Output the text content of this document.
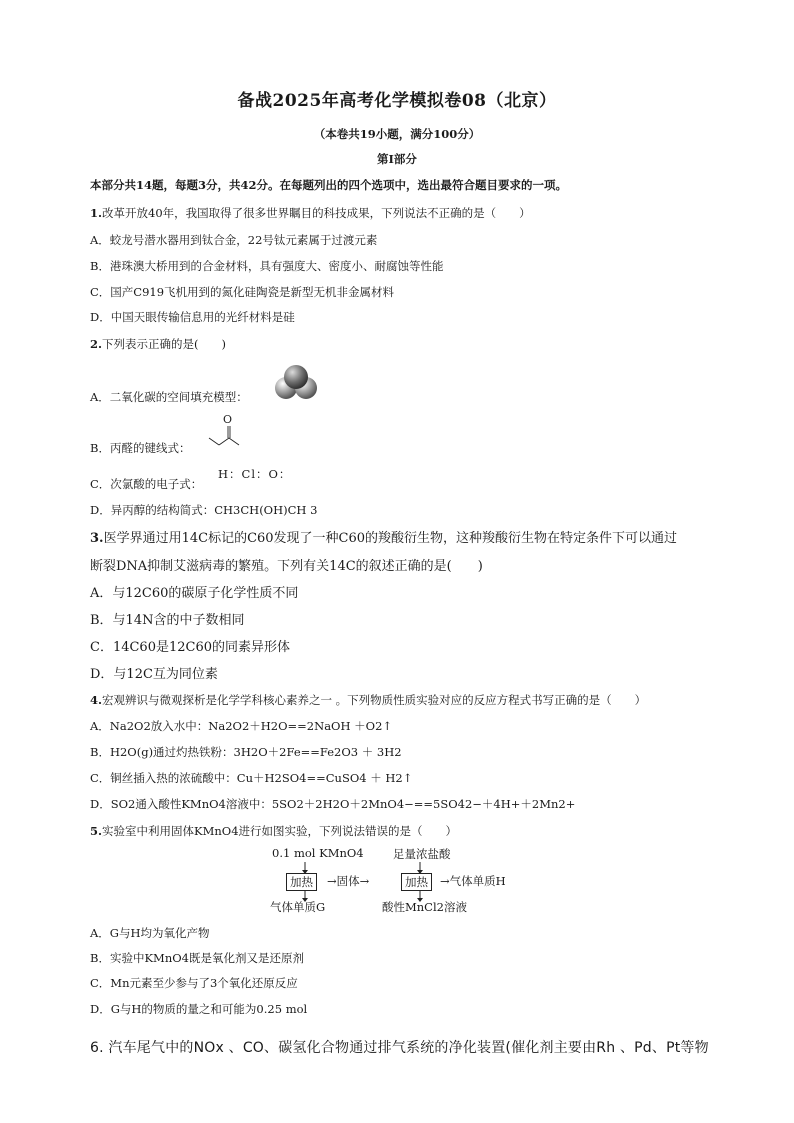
备战2025年高考化学模拟卷08（北京）
（本卷共19小题，满分100分）
第Ⅰ部分
本部分共14题，每题3分，共42分。在每题列出的四个选项中，选出最符合题目要求的一项。
1.改革开放40年，我国取得了很多世界瞩目的科技成果，下列说法不正确的是（　　）
A．蛟龙号潜水器用到钛合金，22号钛元素属于过渡元素
B．港珠澳大桥用到的合金材料，具有强度大、密度小、耐腐蚀等性能
C．国产C919飞机用到的氮化硅陶瓷是新型无机非金属材料
D．中国天眼传输信息用的光纤材料是硅
2.下列表示正确的是(　　)
A．二氧化碳的空间填充模型：
B．丙醛的键线式：
O
C．次氯酸的电子式：
H：Cl：O：
D．异丙醇的结构简式：CH3CH(OH)CH 3
3.医学界通过用14C标记的C60发现了一种C60的羧酸衍生物，这种羧酸衍生物在特定条件下可以通过
断裂DNA抑制艾滋病毒的繁殖。下列有关14C的叙述正确的是(　　)
A．与12C60的碳原子化学性质不同
B．与14N含的中子数相同
C．14C60是12C60的同素异形体
D．与12C互为同位素
4.宏观辨识与微观探析是化学学科核心素养之一 。下列物质性质实验对应的反应方程式书写正确的是（　　）
A．Na2O2放入水中：Na2O2＋H2O==2NaOH ＋O2↑
B．H2O(g)通过灼热铁粉：3H2O＋2Fe==Fe2O3 ＋ 3H2
C．铜丝插入热的浓硫酸中：Cu＋H2SO4==CuSO4 ＋ H2↑
D．SO2通入酸性KMnO4溶液中：5SO2＋2H2O＋2MnO4−==5SO42−＋4H+＋2Mn2+
5.实验室中利用固体KMnO4进行如图实验，下列说法错误的是（　　）
0.1 mol KMnO4	足量浓盐酸
加热	→固体→	加热	→气体单质H
气体单质G	酸性MnCl2溶液
A．G与H均为氧化产物
B．实验中KMnO4既是氧化剂又是还原剂
C．Mn元素至少参与了3个氧化还原反应
D．G与H的物质的量之和可能为0.25 mol
6. 汽车尾气中的NOx 、CO、碳氢化合物通过排气系统的净化装置(催化剂主要由Rh 、Pd、Pt等物
